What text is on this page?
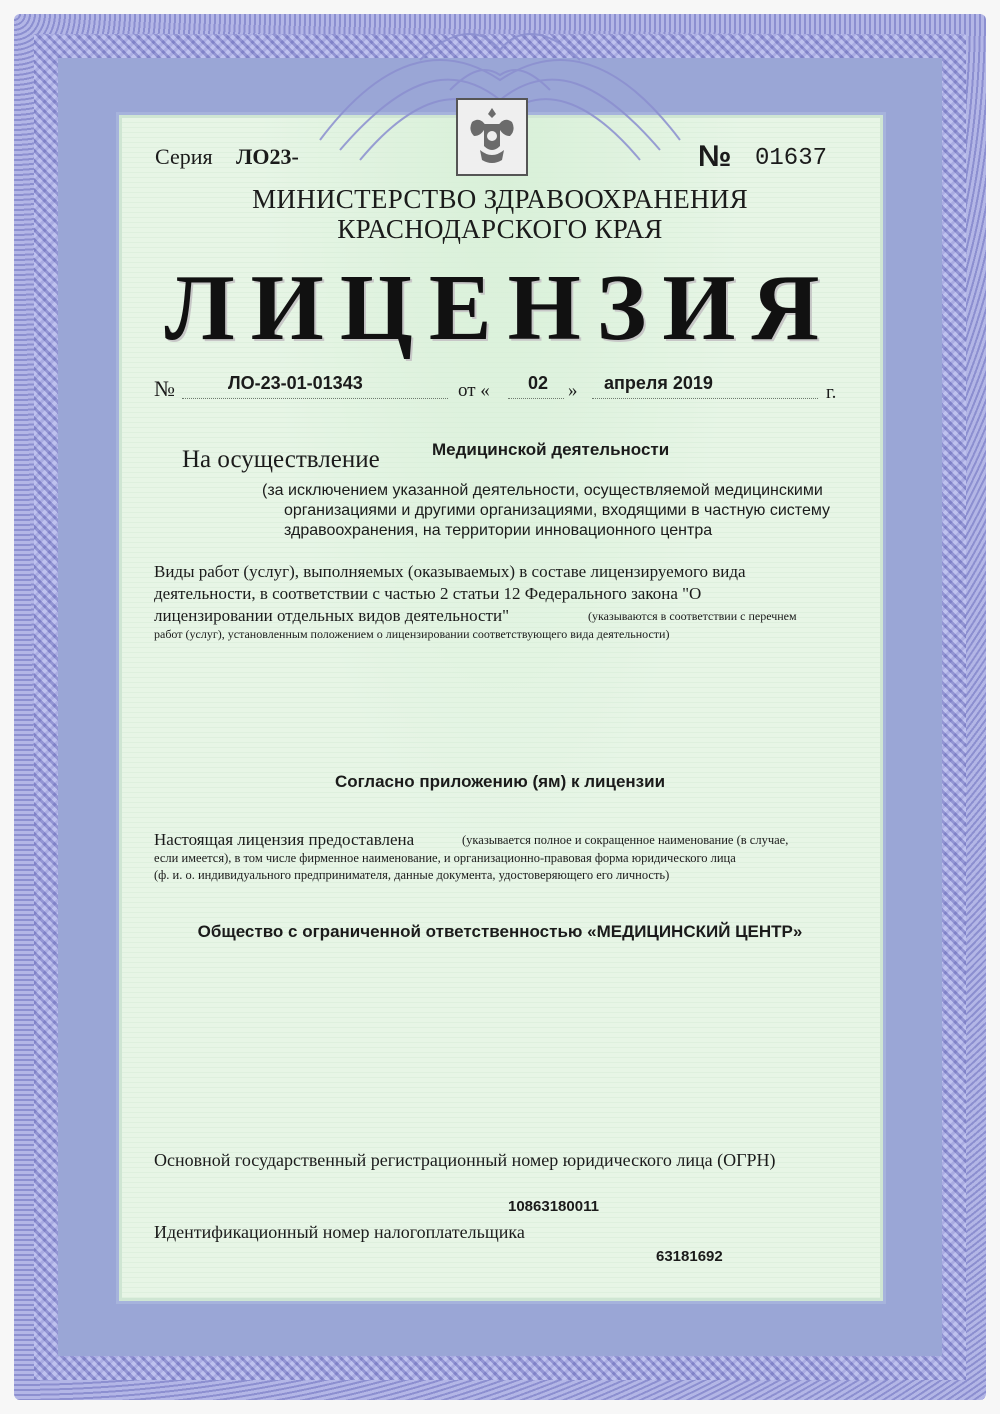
Серия ЛО23-	№ 01637
МИНИСТЕРСТВО ЗДРАВООХРАНЕНИЯ
КРАСНОДАРСКОГО КРАЯ
ЛИЦЕНЗИЯ
№	ЛО-23-01-01343	от « 02 » апреля 2019	г.
Медицинской деятельности
На осуществление
(за исключением указанной деятельности, осуществляемой медицинскими
организациями и другими организациями, входящими в частную систему
здравоохранения, на территории инновационного центра
Виды работ (услуг), выполняемых (оказываемых) в составе лицензируемого вида
деятельности, в соответствии с частью 2 статьи 12 Федерального закона "О
лицензировании отдельных видов деятельности"	(указываются в соответствии с перечнем
работ (услуг), установленным положением о лицензировании соответствующего вида деятельности)
Согласно приложению (ям) к лицензии
Настоящая лицензия предоставлена	(указывается полное и сокращенное наименование (в случае,
если имеется), в том числе фирменное наименование, и организационно-правовая форма юридического лица
(ф. и. о. индивидуального предпринимателя, данные документа, удостоверяющего его личность)
Общество с ограниченной ответственностью «МЕДИЦИНСКИЙ ЦЕНТР»
Основной государственный регистрационный номер юридического лица (ОГРН)
10863180011
Идентификационный номер налогоплательщика
63181692
